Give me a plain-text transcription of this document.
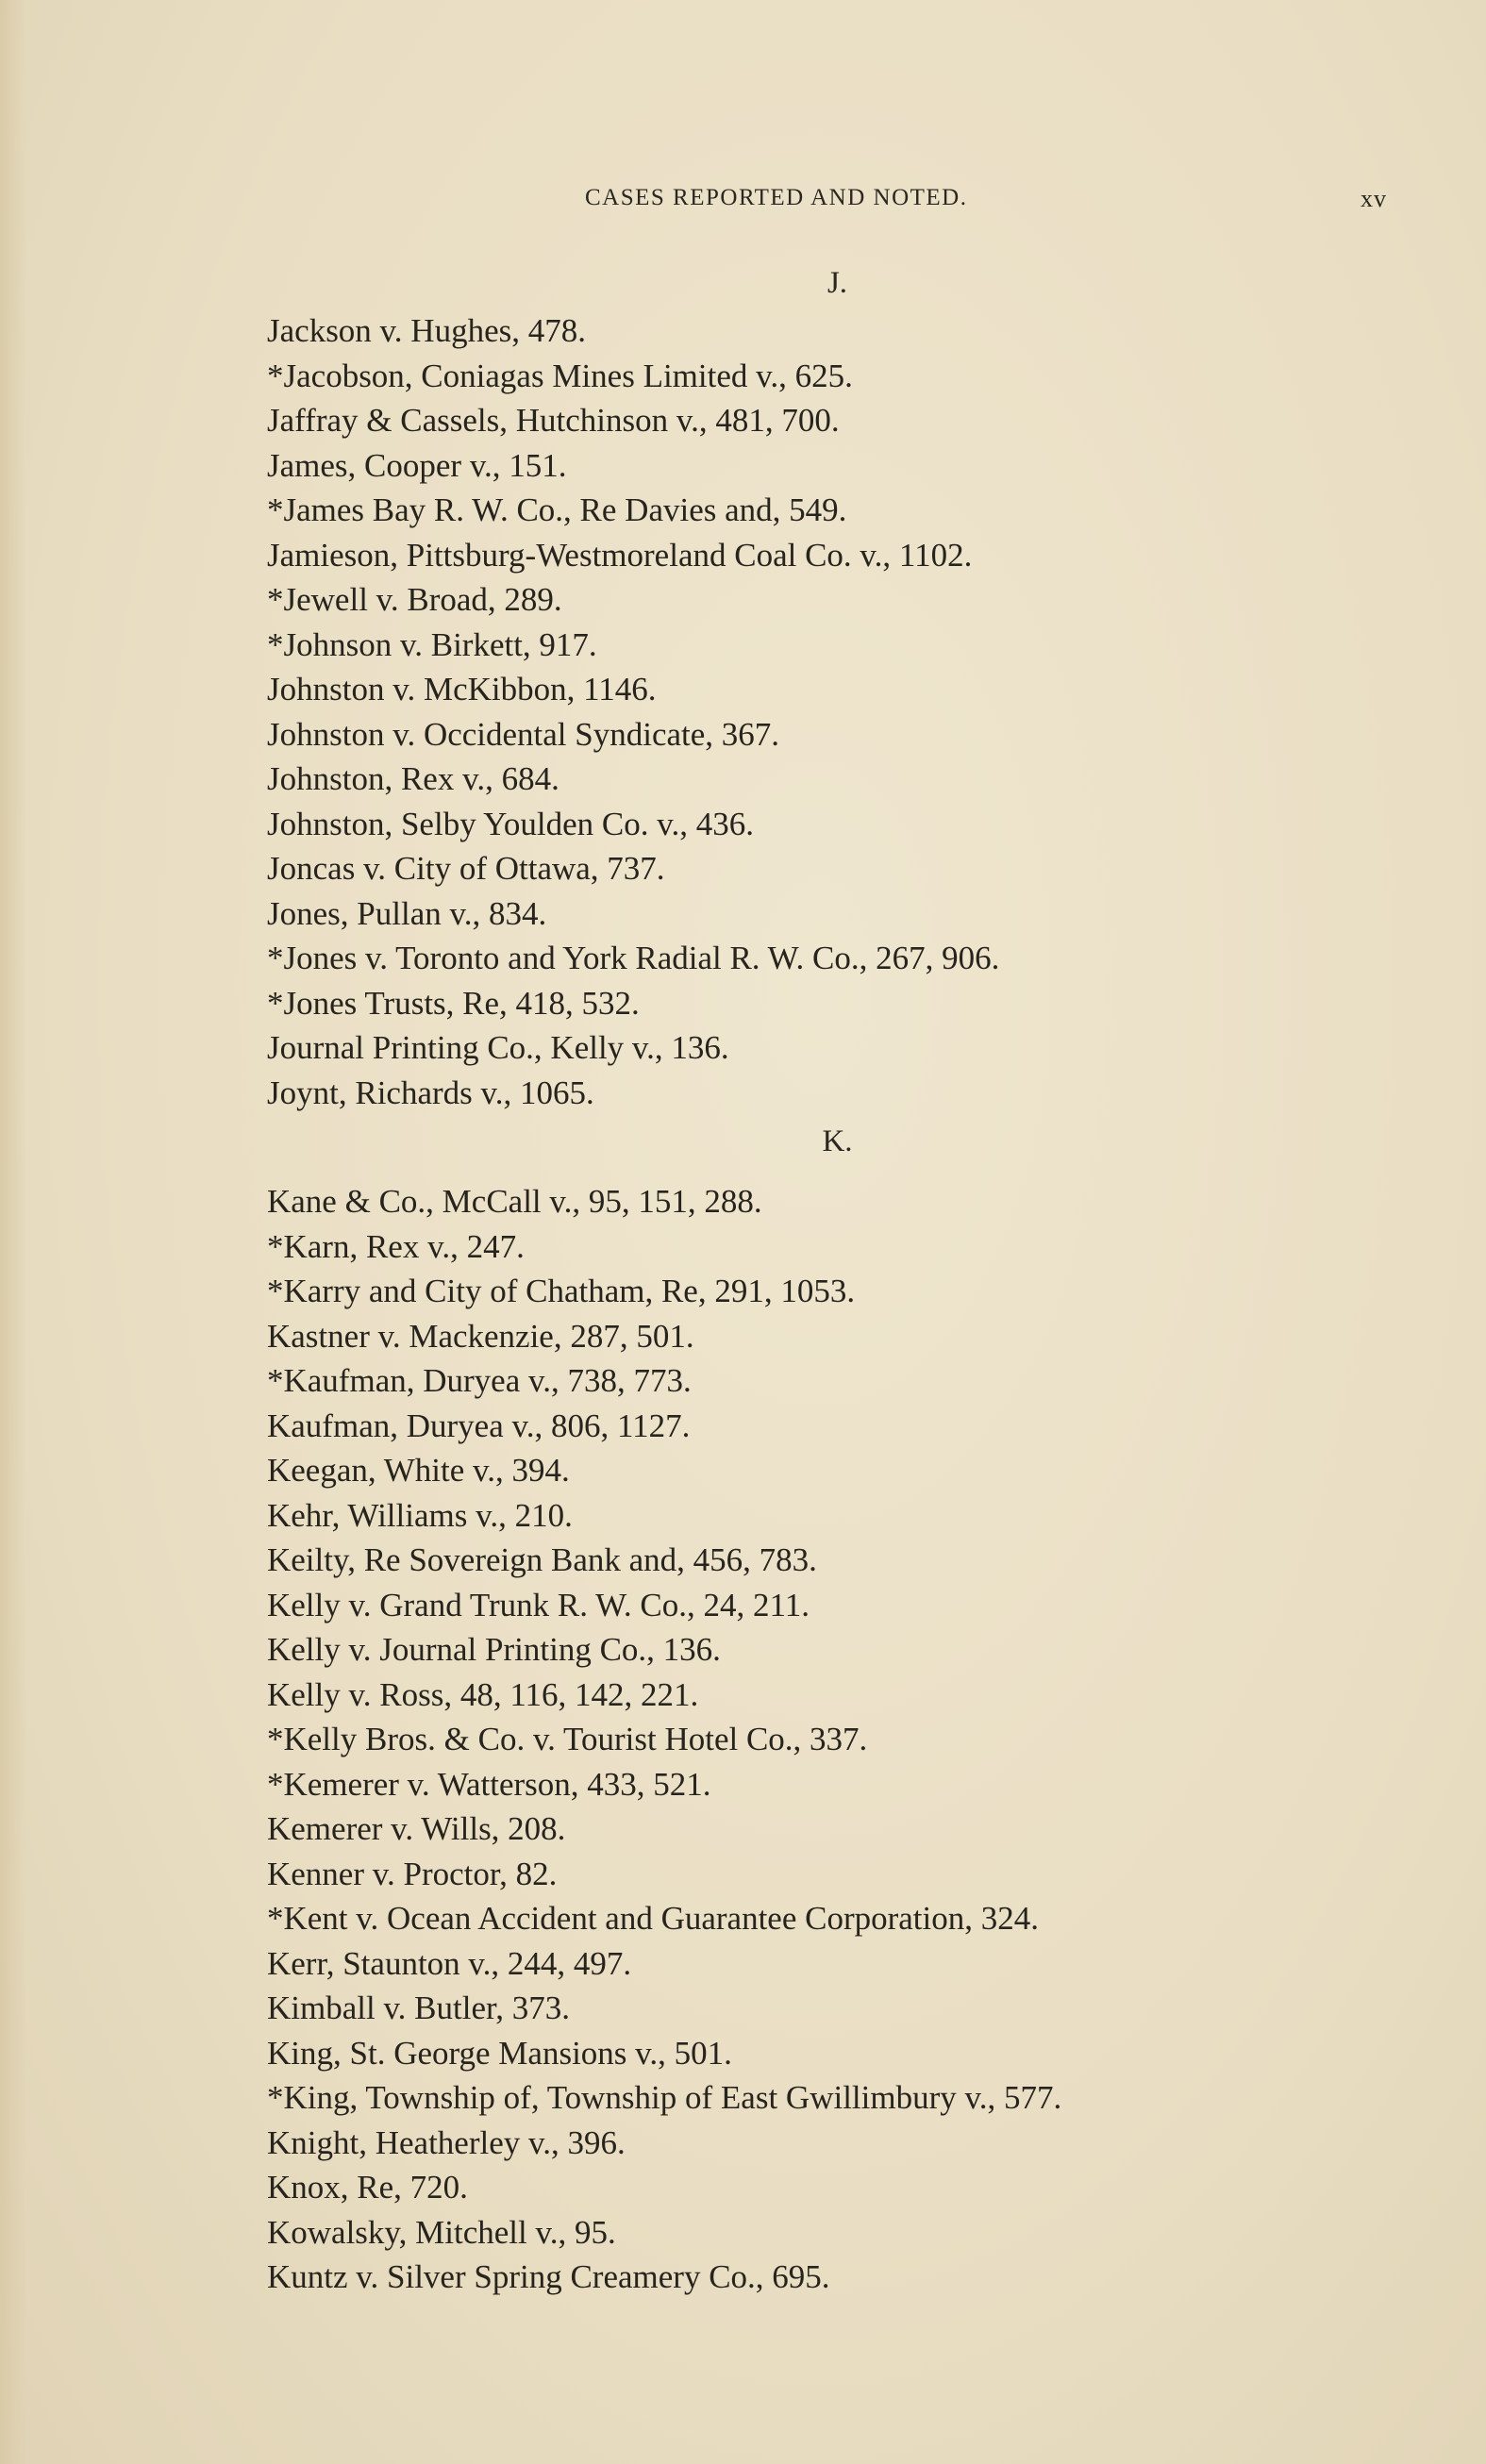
CASES REPORTED AND NOTED.	xv
J.
Jackson v. Hughes, 478.
*Jacobson, Coniagas Mines Limited v., 625.
Jaffray & Cassels, Hutchinson v., 481, 700.
James, Cooper v., 151.
*James Bay R. W. Co., Re Davies and, 549.
Jamieson, Pittsburg-Westmoreland Coal Co. v., 1102.
*Jewell v. Broad, 289.
*Johnson v. Birkett, 917.
Johnston v. McKibbon, 1146.
Johnston v. Occidental Syndicate, 367.
Johnston, Rex v., 684.
Johnston, Selby Youlden Co. v., 436.
Joncas v. City of Ottawa, 737.
Jones, Pullan v., 834.
*Jones v. Toronto and York Radial R. W. Co., 267, 906.
*Jones Trusts, Re, 418, 532.
Journal Printing Co., Kelly v., 136.
Joynt, Richards v., 1065.
K.
Kane & Co., McCall v., 95, 151, 288.
*Karn, Rex v., 247.
*Karry and City of Chatham, Re, 291, 1053.
Kastner v. Mackenzie, 287, 501.
*Kaufman, Duryea v., 738, 773.
Kaufman, Duryea v., 806, 1127.
Keegan, White v., 394.
Kehr, Williams v., 210.
Keilty, Re Sovereign Bank and, 456, 783.
Kelly v. Grand Trunk R. W. Co., 24, 211.
Kelly v. Journal Printing Co., 136.
Kelly v. Ross, 48, 116, 142, 221.
*Kelly Bros. & Co. v. Tourist Hotel Co., 337.
*Kemerer v. Watterson, 433, 521.
Kemerer v. Wills, 208.
Kenner v. Proctor, 82.
*Kent v. Ocean Accident and Guarantee Corporation, 324.
Kerr, Staunton v., 244, 497.
Kimball v. Butler, 373.
King, St. George Mansions v., 501.
*King, Township of, Township of East Gwillimbury v., 577.
Knight, Heatherley v., 396.
Knox, Re, 720.
Kowalsky, Mitchell v., 95.
Kuntz v. Silver Spring Creamery Co., 695.
